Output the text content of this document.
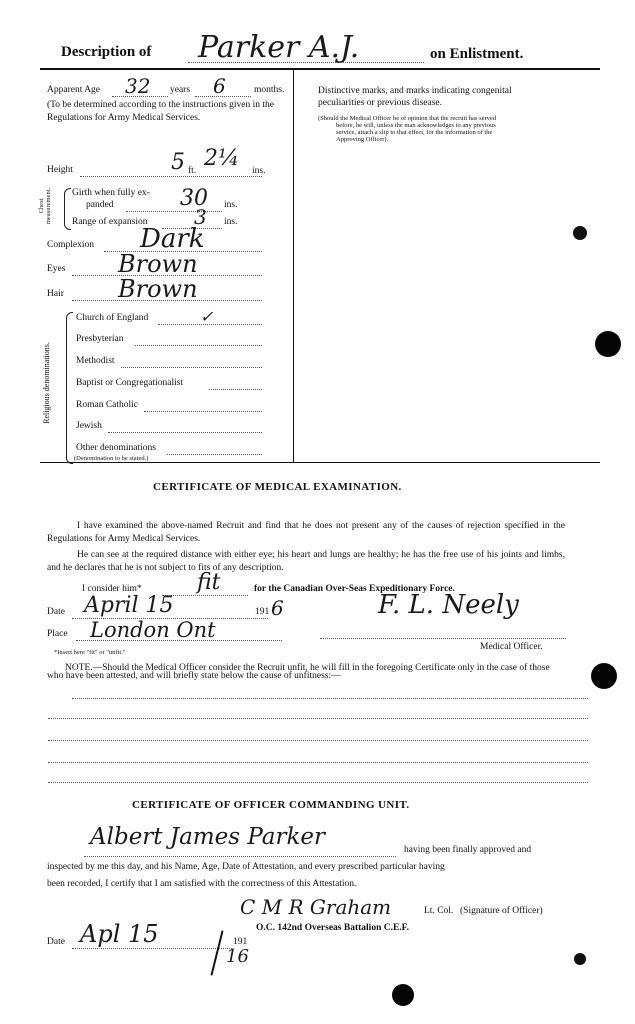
Description of Parker A.J.	on Enlistment.
Apparent Age 32 years 6	months.
(To be determined according to the instructions given in the Regulations for Army Medical Services.
Height	5 ft. 2¼ ins.
Chest measurement. Girth when fully ex-
panded	30 ins.
Range of expansion 3 ins.
Complexion Dark
Eyes Brown
Hair Brown
Religious denominations.
Church of England	✓
Presbyterian
Methodist
Baptist or Congregationalist
Roman Catholic
Jewish
Other denominations
(Denomination to be stated.)
Distinctive marks, and marks indicating congenital
peculiarities or previous disease.
(Should the Medical Officer be of opinion that the recruit has served
before, he will, unless the man acknowledges to any previous
service, attach a slip to that effect, for the information of the
Approving Officer).
CERTIFICATE OF MEDICAL EXAMINATION.
I have examined the above-named Recruit and find that he does not present any of the causes of rejection specified in the Regulations for Army Medical Services.
He can see at the required distance with either eye; his heart and lungs are healthy; he has the free use of his joints and limbs, and he declares that he is not subject to fits of any description.
I consider him*	fit	for the Canadian Over-Seas Expeditionary Force.
Date April 15	191 6	F. L. Neely
Medical Officer.
Place London Ont
*Insert here "fit" or "unfit."
NOTE.—Should the Medical Officer consider the Recruit unfit, he will fill in the foregoing Certificate only in the case of those who have been attested, and will briefly state below the cause of unfitness:—
CERTIFICATE OF OFFICER COMMANDING UNIT.
Albert James Parker	having been finally approved and
inspected by me this day, and his Name, Age, Date of Attestation, and every prescribed particular having
been recorded, I certify that I am satisfied with the correctness of this Attestation.
C M R Graham	Lt. Col. (Signature of Officer)
O.C. 142nd Overseas Battalion C.E.F.
Date Apl 15	191
16
